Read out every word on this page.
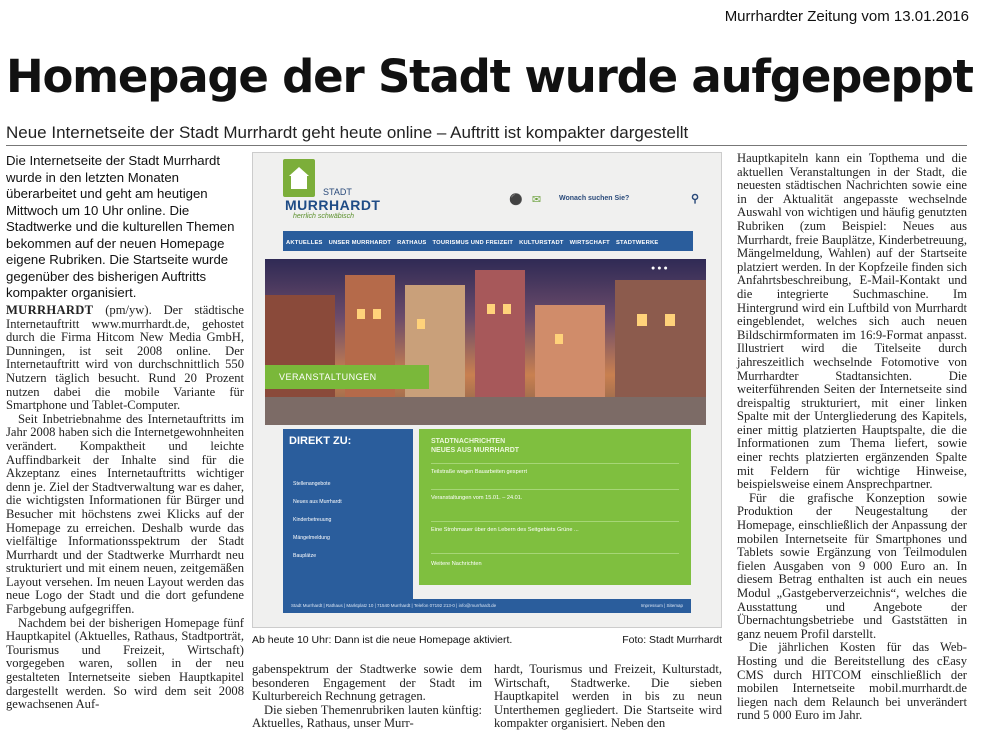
Murrhardter Zeitung vom 13.01.2016
Homepage der Stadt wurde aufgepeppt
Neue Internetseite der Stadt Murrhardt geht heute online – Auftritt ist kompakter dargestellt

Die Internetseite der Stadt Murrhardt wurde in den letzten Monaten überarbeitet und geht am heutigen Mittwoch um 10 Uhr online. Die Stadtwerke und die kulturellen Themen bekommen auf der neuen Homepage eigene Rubriken. Die Startseite wurde gegenüber des bisherigen Auftritts kompakter organisiert.

MURRHARDT (pm/yw). Der städtische Internetauftritt www.murrhardt.de, gehostet durch die Firma Hitcom New Media GmbH, Dunningen, ist seit 2008 online. Der Internetauftritt wird von durchschnittlich 550 Nutzern täglich besucht. Rund 20 Prozent nutzen dabei die mobile Variante für Smartphone und Tablet-Computer.

Seit Inbetriebnahme des Internetauftritts im Jahr 2008 haben sich die Internetgewohnheiten verändert. Kompaktheit und leichte Auffindbarkeit der Inhalte sind für die Akzeptanz eines Internetauftritts wichtiger denn je. Ziel der Stadtverwaltung war es daher, die wichtigsten Informationen für Bürger und Besucher mit höchstens zwei Klicks auf der Homepage zu erreichen. Deshalb wurde das vielfältige Informationsspektrum der Stadt Murrhardt und der Stadtwerke Murrhardt neu strukturiert und mit einem neuen, zeitgemäßen Layout versehen. Im neuen Layout werden das neue Logo der Stadt und die dort gefundene Farbgebung aufgegriffen.

Nachdem bei der bisherigen Homepage fünf Hauptkapitel (Aktuelles, Rathaus, Stadtporträt, Tourismus und Freizeit, Wirtschaft) vorgegeben waren, sollen in der neu gestalteten Internetseite sieben Hauptkapitel dargestellt werden. So wird dem seit 2008 gewachsenen Auf-

STADT
MURRHARDT
herrlich schwäbisch
⚫ ✉	Wonach suchen Sie?	⚲
AKTUELLES UNSER MURRHARDT RATHAUS TOURISMUS UND FREIZEIT KULTURSTADT WIRTSCHAFT STADTWERKE
●●●
VERANSTALTUNGEN
DIREKT ZU:
Stellenangebote
Neues aus Murrhardt
Kinderbetreuung
Mängelmeldung
Bauplätze
STADTNACHRICHTEN
NEUES AUS MURRHARDT
Teilstraße wegen Bauarbeiten gesperrt
Veranstaltungen vom 15.01. – 24.01.
Eine Strohmauer über den Lebern des Seitgebiets Grüne ...
Weitere Nachrichten
Stadt Murrhardt | Rathaus | Marktplatz 10 | 71540 Murrhardt | Telefon 07192 213-0 | info@murrhardt.de	Impressum | Sitemap
Ab heute 10 Uhr: Dann ist die neue Homepage aktiviert.	Foto: Stadt Murrhardt

gabenspektrum der Stadtwerke sowie dem besonderen Engagement der Stadt im Kulturbereich Rechnung getragen.

Die sieben Themenrubriken lauten künftig: Aktuelles, Rathaus, unser Murr-

hardt, Tourismus und Freizeit, Kulturstadt, Wirtschaft, Stadtwerke. Die sieben Hauptkapitel werden in bis zu neun Unterthemen gegliedert. Die Startseite wird kompakter organisiert. Neben den

Hauptkapiteln kann ein Topthema und die aktuellen Veranstaltungen in der Stadt, die neuesten städtischen Nachrichten sowie eine in der Aktualität angepasste wechselnde Auswahl von wichtigen und häufig genutzten Rubriken (zum Beispiel: Neues aus Murrhardt, freie Bauplätze, Kinderbetreuung, Mängelmeldung, Wahlen) auf der Startseite platziert werden. In der Kopfzeile finden sich Anfahrtsbeschreibung, E-Mail-Kontakt und die integrierte Suchmaschine. Im Hintergrund wird ein Luftbild von Murrhardt eingeblendet, welches sich auch neuen Bildschirmformaten im 16:9-Format anpasst. Illustriert wird die Titelseite durch jahreszeitlich wechselnde Fotomotive von Murrhardter Stadtansichten. Die weiterführenden Seiten der Internetseite sind dreispaltig strukturiert, mit einer linken Spalte mit der Untergliederung des Kapitels, einer mittig platzierten Hauptspalte, die die Informationen zum Thema liefert, sowie einer rechts platzierten ergänzenden Spalte mit Feldern für wichtige Hinweise, beispielsweise einem Ansprechpartner.

Für die grafische Konzeption sowie Produktion der Neugestaltung der Homepage, einschließlich der Anpassung der mobilen Internetseite für Smartphones und Tablets sowie Ergänzung von Teilmodulen fielen Ausgaben von 9 000 Euro an. In diesem Betrag enthalten ist auch ein neues Modul „Gastgeberverzeichnis“, welches die Ausstattung und Angebote der Übernachtungsbetriebe und Gaststätten in ganz neuem Profil darstellt.

Die jährlichen Kosten für das Web-Hosting und die Bereitstellung des cEasy CMS durch HITCOM einschließlich der mobilen Internetseite mobil.murrhardt.de liegen nach dem Relaunch bei unverändert rund 5 000 Euro im Jahr.
